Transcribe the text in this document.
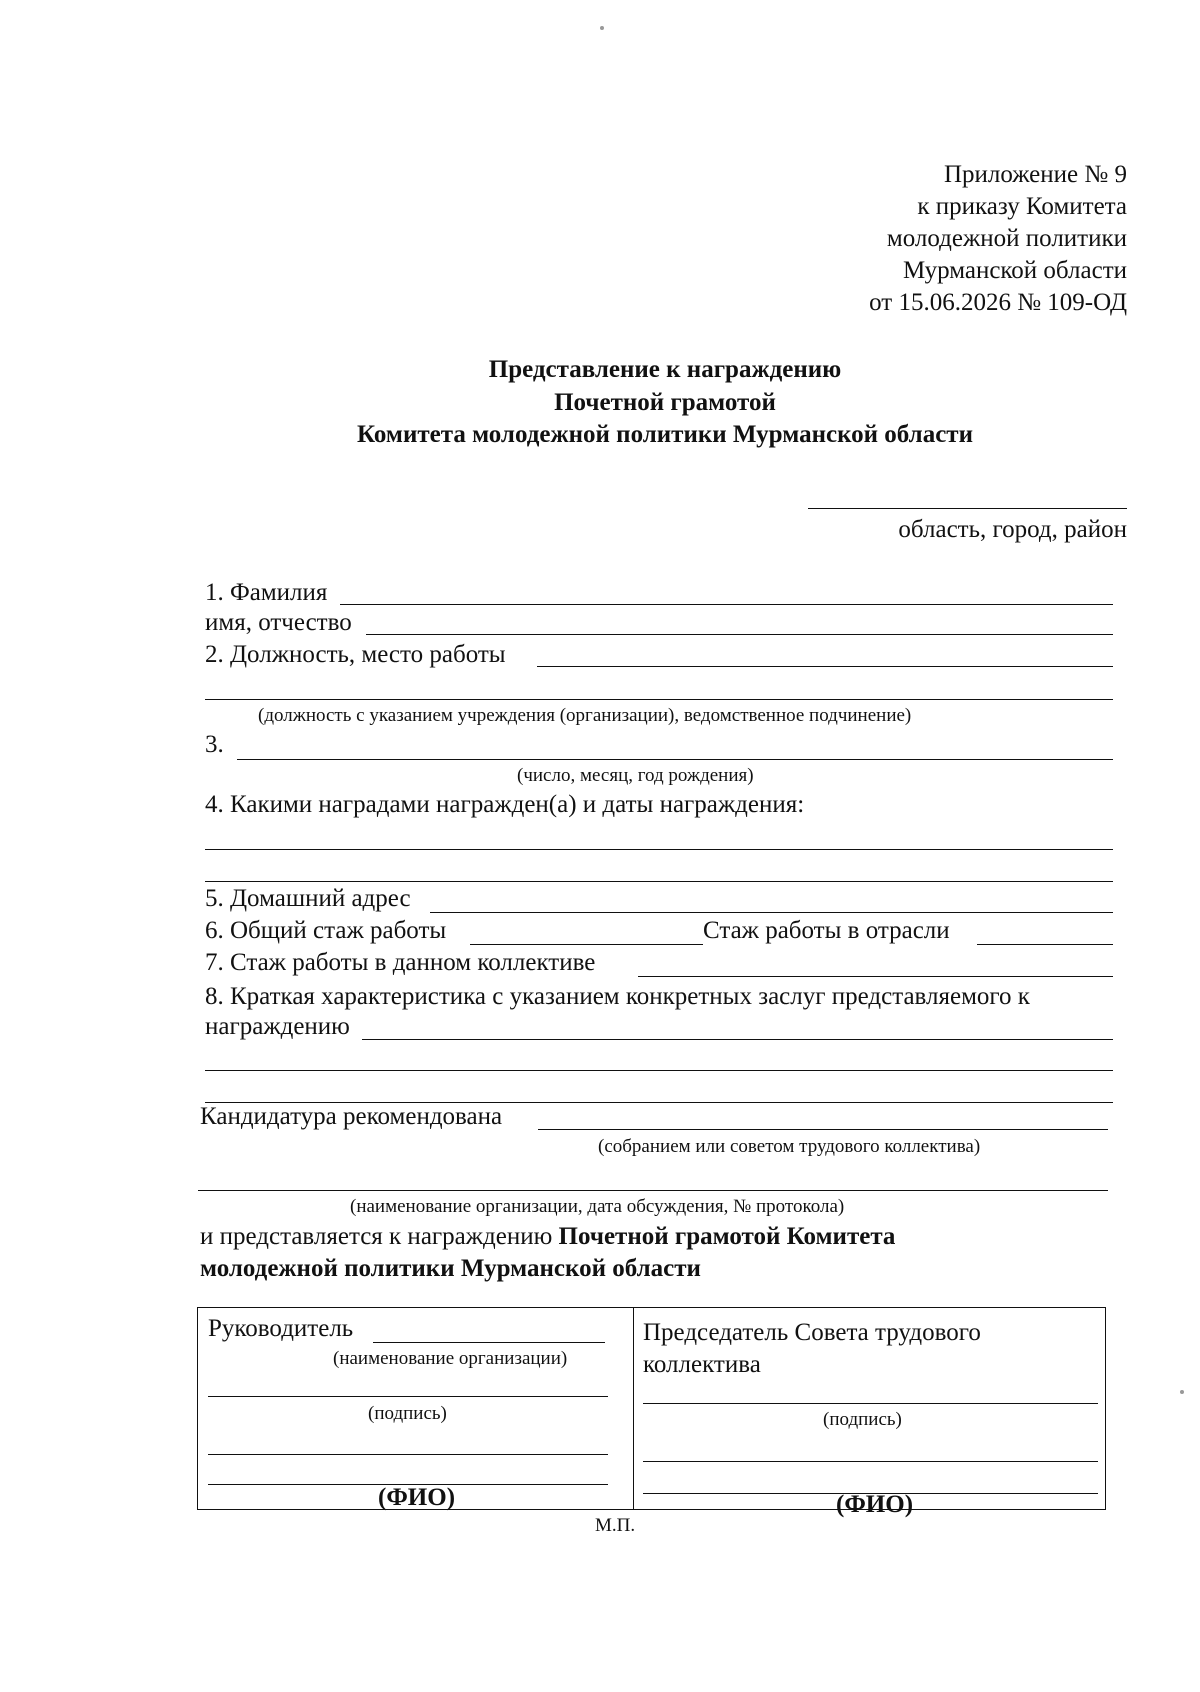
Приложение № 9
к приказу Комитета
молодежной политики
Мурманской области
от 15.06.2026 № 109-ОД
Представление к награждению
Почетной грамотой
Комитета молодежной политики Мурманской области
область, город, район
1. Фамилия
имя, отчество
2. Должность, место работы
(должность с указанием учреждения (организации), ведомственное подчинение)
3.
(число, месяц, год рождения)
4. Какими наградами награжден(а) и даты награждения:
5. Домашний адрес
6. Общий стаж работы	Стаж работы в отрасли
7. Стаж работы в данном коллективе
8. Краткая характеристика с указанием конкретных заслуг представляемого к
награждению
Кандидатура рекомендована
(собранием или советом трудового коллектива)
(наименование организации, дата обсуждения, № протокола)
и представляется к награждению Почетной грамотой Комитета
молодежной политики Мурманской области
Руководитель
(наименование организации)
(подпись)
(ФИО)
Председатель Совета трудового
коллектива
(подпись)
(ФИО)
М.П.
